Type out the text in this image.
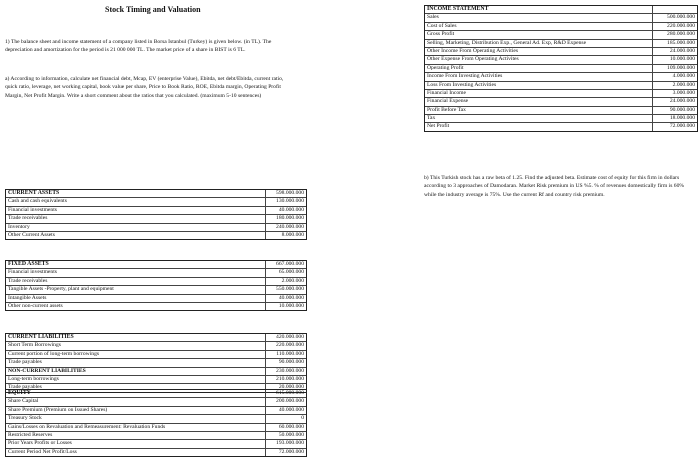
Stock Timing and Valuation
1) The balance sheet and income statement of a company listed in Borsa Istanbul (Turkey) is given below. (in TL). The depreciation and amortization for the period is 21 000 000 TL. The market price of a share in BIST is 6 TL.
a) According to information, calculate net financial debt, Mcap, EV (enterprise Value), Ebitda, net debt/Ebitda, current ratio, quick ratio, leverage, net working capital, book value per share, Price to Book Ratio, ROE, Ebitda margin, Operating Profit Margin, Net Profit Margin. Write a short comment about the ratios that you calculated. (maximum 5-10 sentences)
CURRENT ASSETS	598.000.000
Cash and cash equivalents	130.000.000
Financial investments	40.000.000
Trade receivables	180.000.000
Inventory	240.000.000
Other Current Assets	8.000.000
FIXED ASSETS	667.000.000
Financial investments	65.000.000
Trade receivables	2.000.000
Tangible Assets -Property, plant and equipment	550.000.000
Intangible Assets	40.000.000
Other non-current assets	10.000.000
CURRENT LIABILITIES	420.000.000
Short Term Borrowings	220.000.000
Current portion of long-term borrowings	110.000.000
Trade payables	90.000.000
NON-CURRENT LIABILITIES	230.000.000
Long-term borrowings	210.000.000
Trade payables	20.000.000
EQUITY	615.000.000
Share Capital	200.000.000
Share Premium (Premium on Issued Shares)	40.000.000
Treasury Stock	0
Gains/Losses on Revaluation and Remeasurement: Revaluation Funds	60.000.000
Restricted Reserves	50.000.000
Prior Years Profits or Losses	193.000.000
Current Period Net Profit/Loss	72.000.000
INCOME STATEMENT
Sales	500.000.000
Cost of Sales	220.000.000
Gross Profit	280.000.000
Selling, Marketing, Distribution Exp., General Ad. Exp, R&D Expense	185.000.000
Other Income From Operating Activities	24.000.000
Other Expense From Operating Activites	10.000.000
Operating Profit	109.000.000
Income From Investing Activities	4.000.000
Loss From Investing Activities	2.000.000
Financial Income	3.000.000
Financial Expense	24.000.000
Profit Before Tax	90.000.000
Tax	18.000.000
Net Profit	72.000.000
b) This Turkish stock has a raw beta of 1.25. Find the adjusted beta. Estimate cost of equity for this firm in dollars according to 3 approaches of Damodaran. Market Risk premium in US %5. % of revenues domestically firm is 60% while the industry average is 75%. Use the current Rf and country risk premium.
